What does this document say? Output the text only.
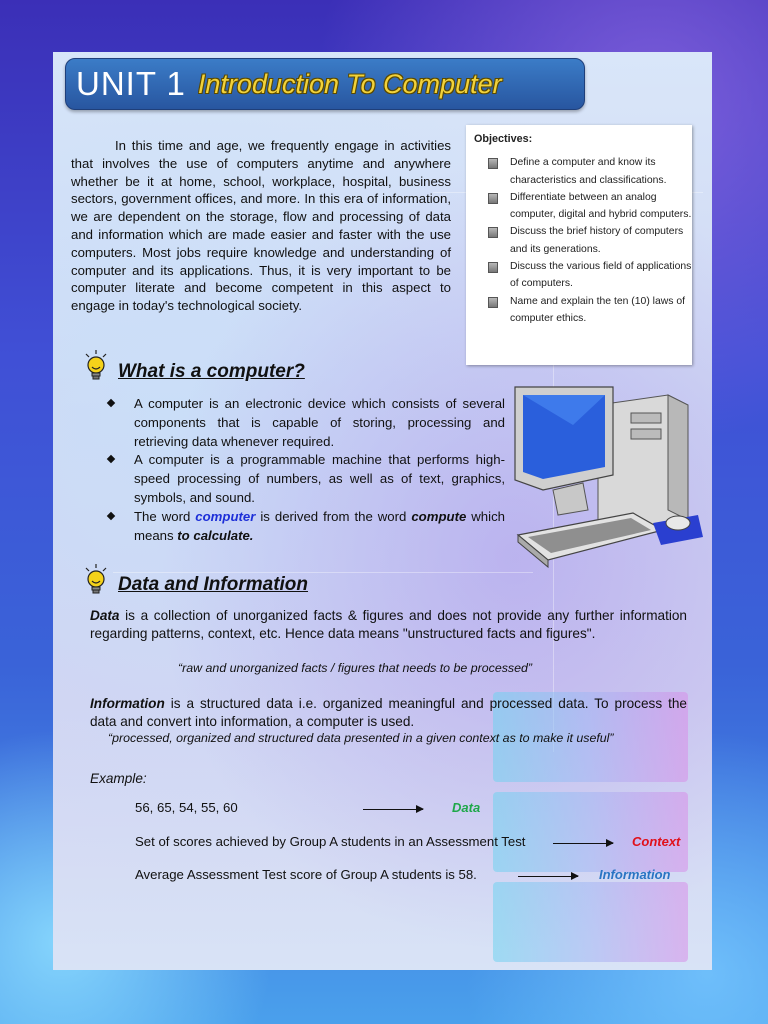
UNIT 1 Introduction To Computer

In this time and age, we frequently engage in activities that involves the use of computers anytime and anywhere whether be it at home, school, workplace, hospital, business sectors, government offices, and more. In this era of information, we are dependent on the storage, flow and processing of data and information which are made easier and faster with the use computers. Most jobs require knowledge and understanding of computer and its applications. Thus, it is very important to be computer literate and become competent in this aspect to engage in today's technological society.

Objectives:
Define a computer and know its characteristics and classifications.
Differentiate between an analog computer, digital and hybrid computers.
Discuss the brief history of computers and its generations.
Discuss the various field of applications of computers.
Name and explain the ten (10) laws of computer ethics.
What is a computer?
A computer is an electronic device which consists of several components that is capable of storing, processing and retrieving data whenever required.
A computer is a programmable machine that performs high-speed processing of numbers, as well as of text, graphics, symbols, and sound.
The word computer is derived from the word compute which means to calculate.
Data and Information

Data is a collection of unorganized facts & figures and does not provide any further information regarding patterns, context, etc. Hence data means "unstructured facts and figures".

“raw and unorganized facts / figures that needs to be processed”

Information is a structured data i.e. organized meaningful and processed data. To process the data and convert into information, a computer is used.

“processed, organized and structured data presented in a given context as to make it useful”

Example:
56, 65, 54, 55, 60	Data
Set of scores achieved by Group A students in an Assessment Test	Context
Average Assessment Test score of Group A students is 58.	Information
